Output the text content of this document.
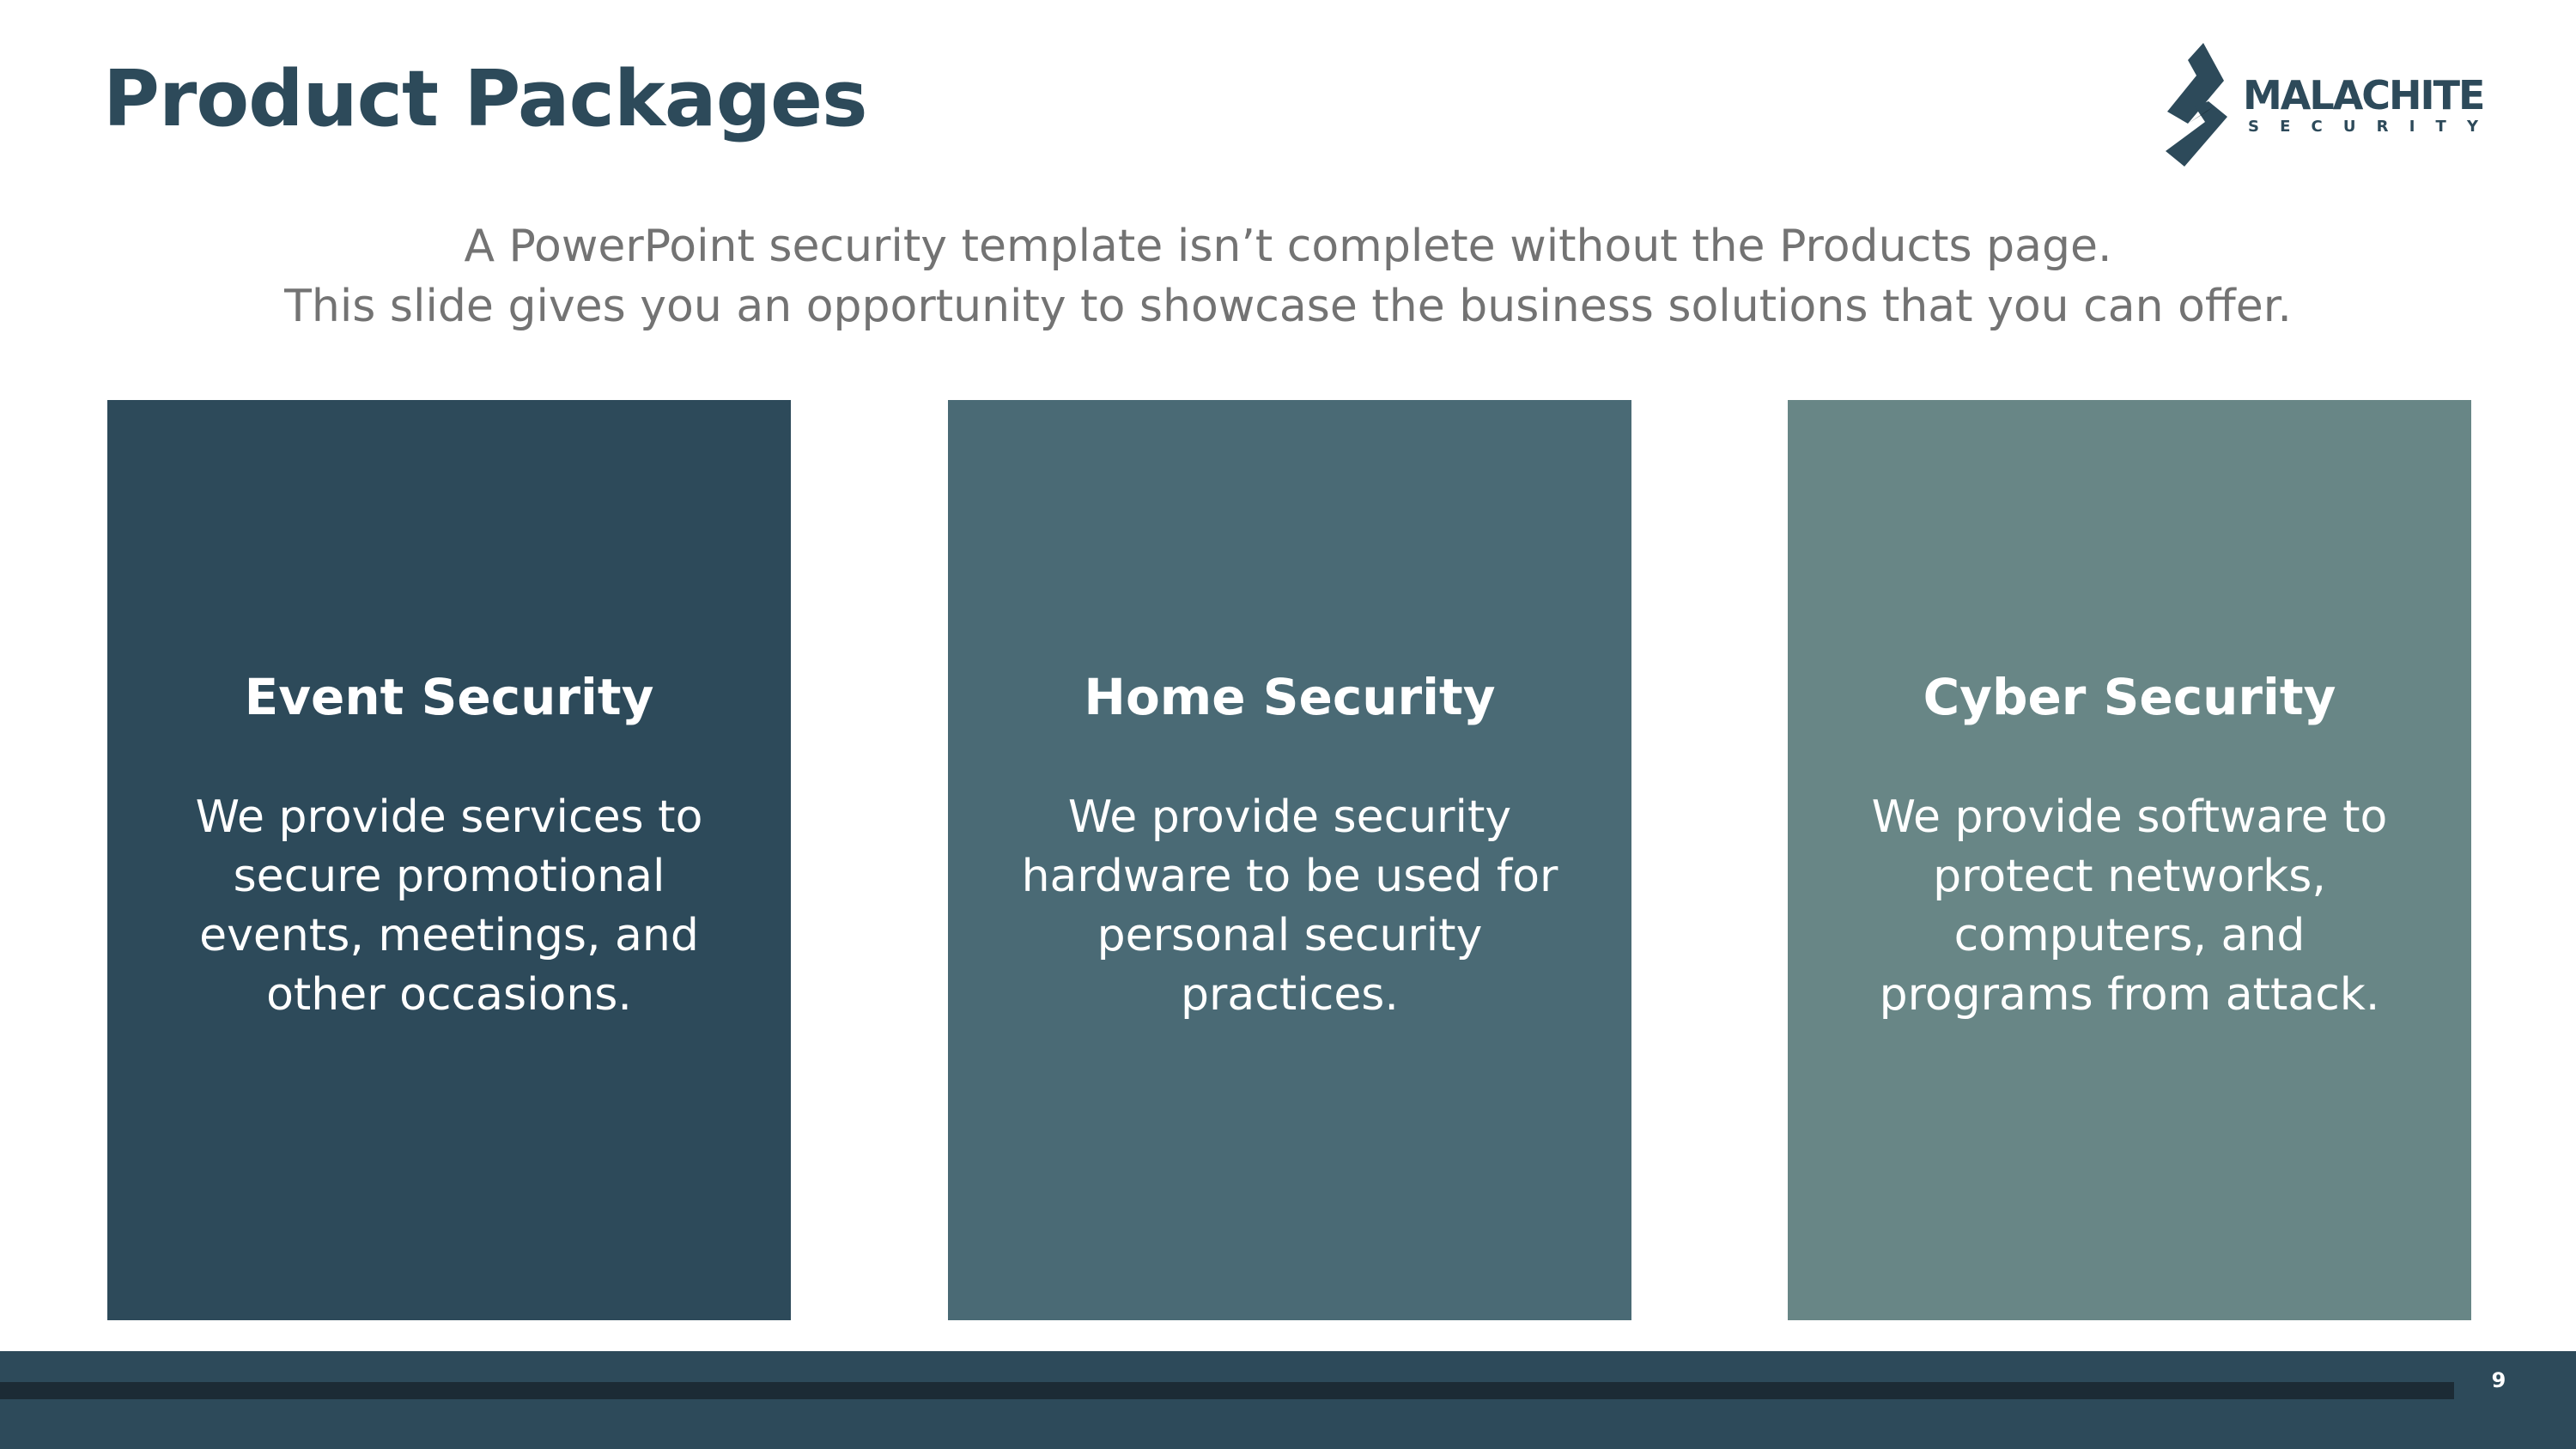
Product Packages	MALACHITE
S E C U R I T Y
A PowerPoint security template isn’t complete without the Products page.
This slide gives you an opportunity to showcase the business solutions that you can offer.
Event Security
We provide services to
secure promotional
events, meetings, and
other occasions.
Home Security
We provide security
hardware to be used for
personal security
practices.
Cyber Security
We provide software to
protect networks,
computers, and
programs from attack.
9
